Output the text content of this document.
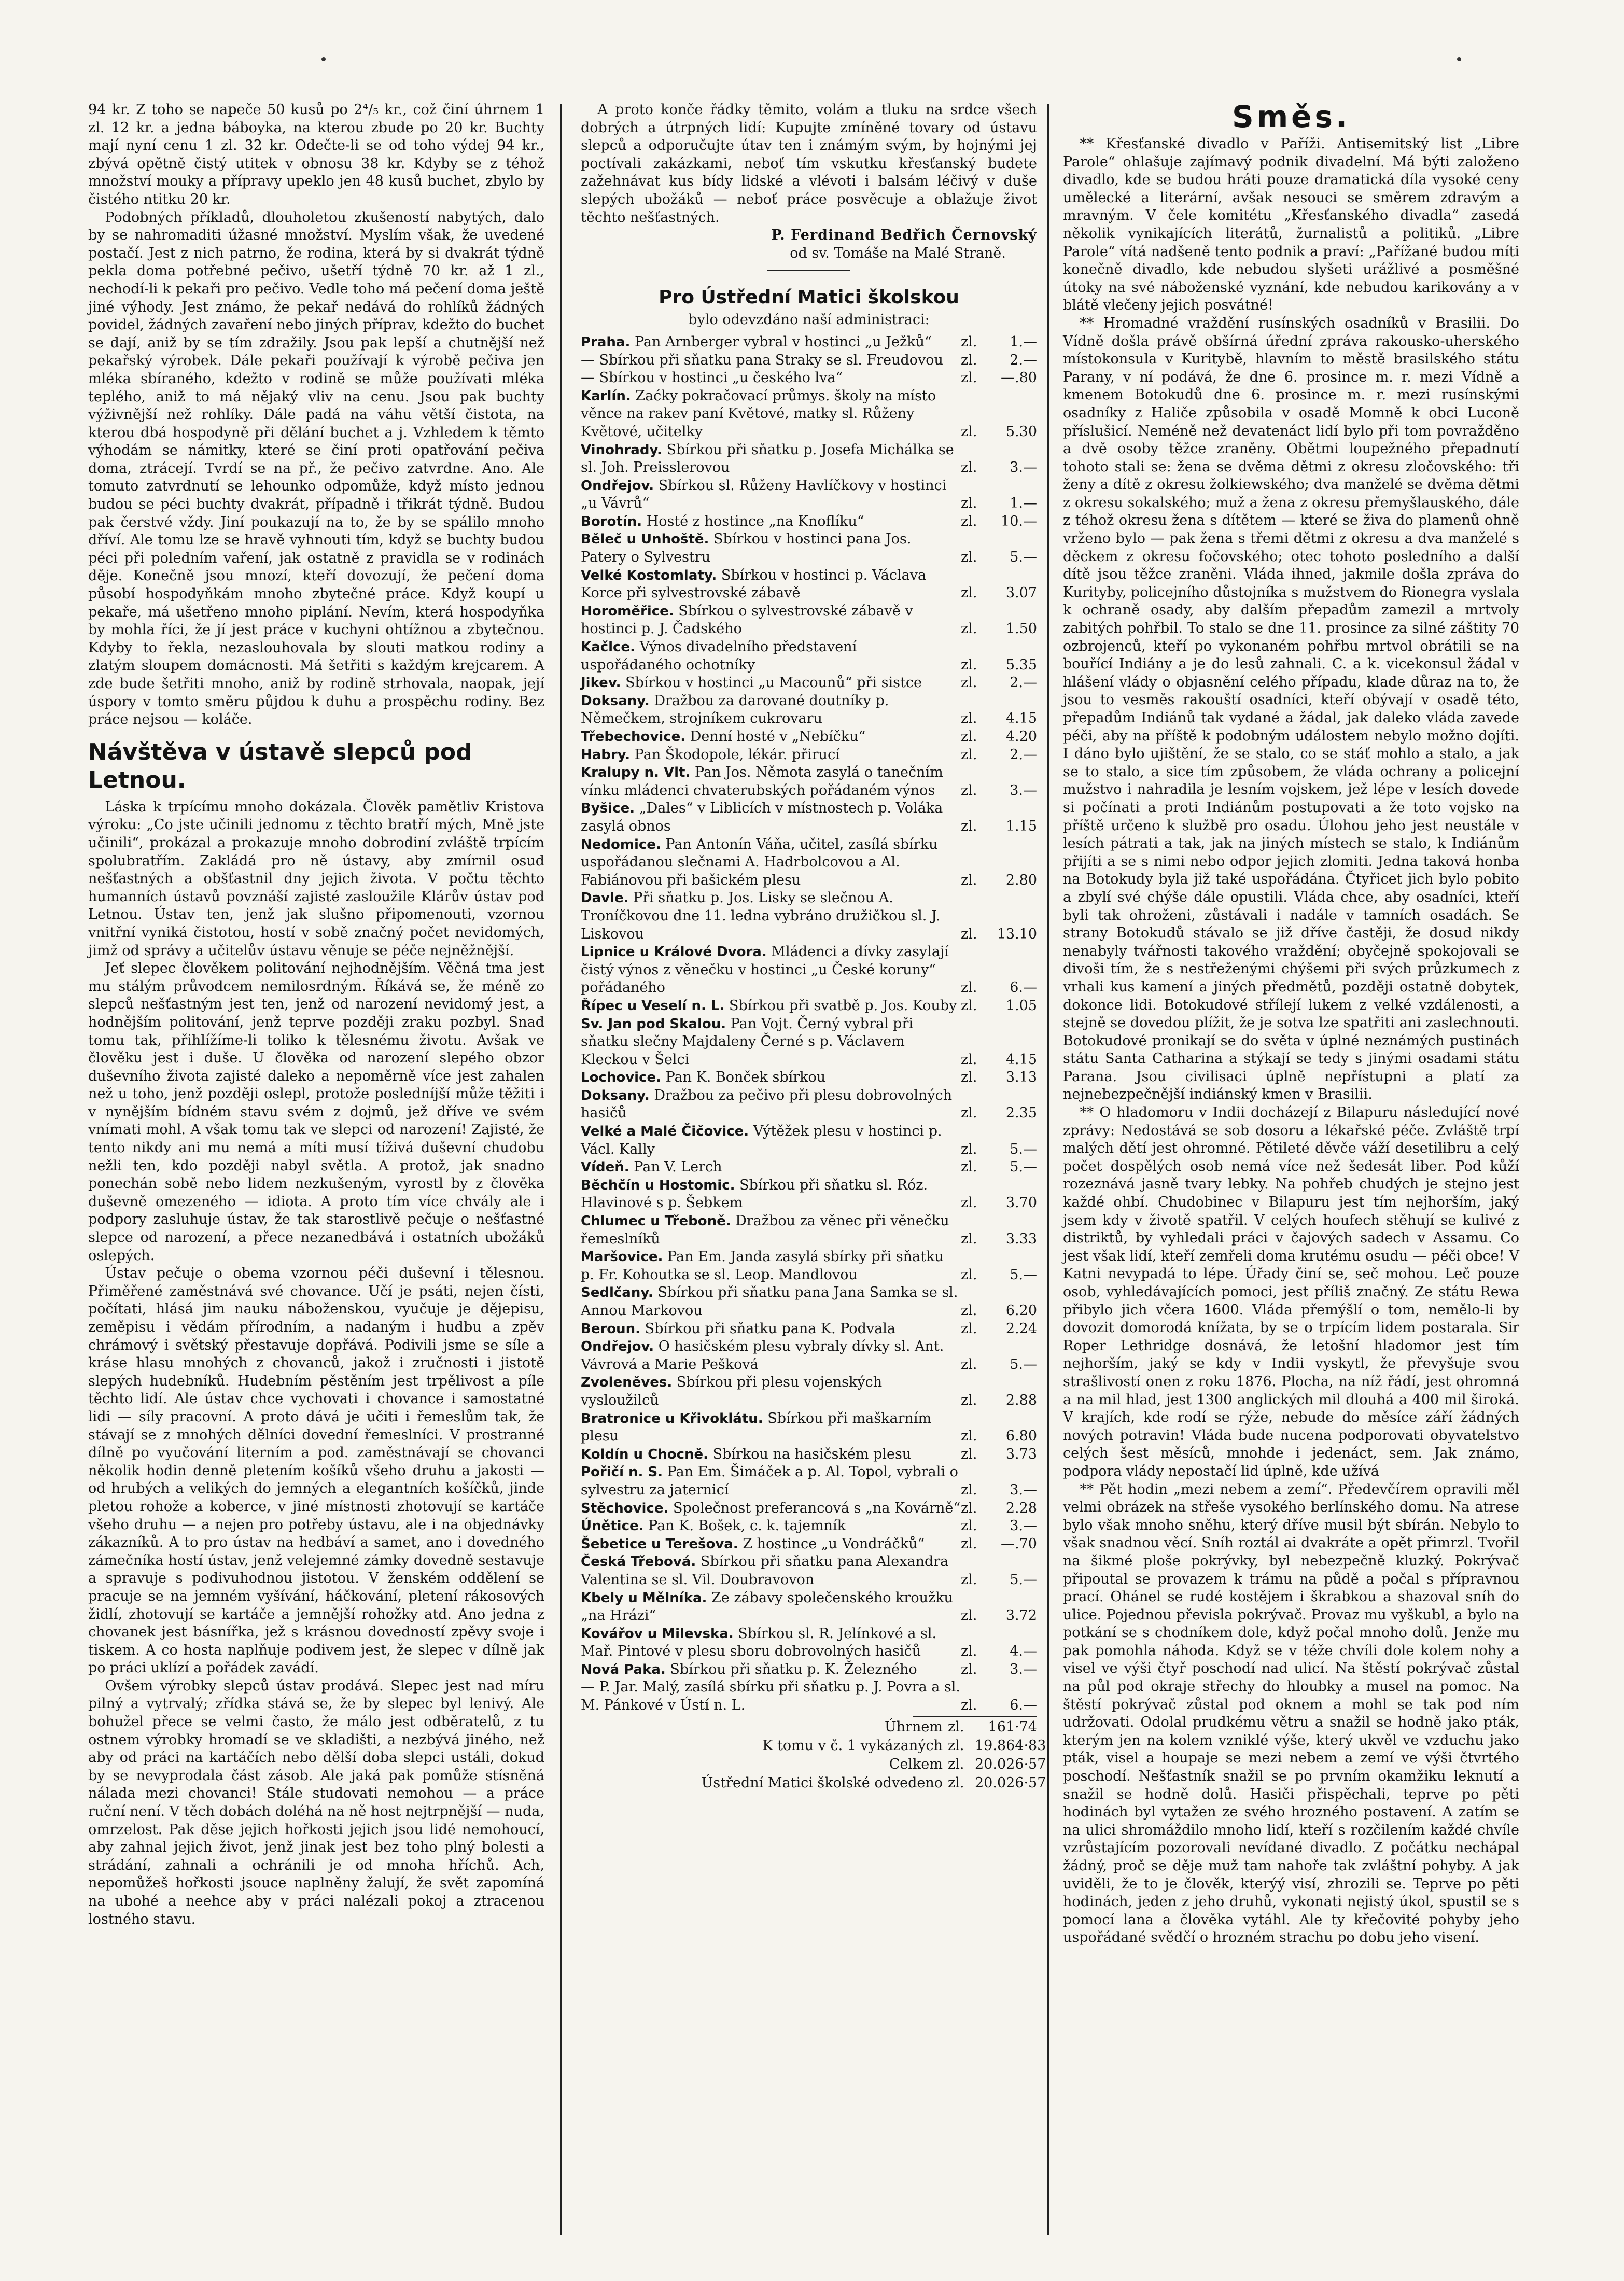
94 kr. Z toho se napeče 50 kusů po 2⁴/₅ kr., což činí úhrnem 1 zl. 12 kr. a jedna báboyka, na kterou zbude po 20 kr. Buchty mají nyní cenu 1 zl. 32 kr. Odečte-li se od toho výdej 94 kr., zbývá opětně čistý utitek v obnosu 38 kr. Kdyby se z téhož množství mouky a přípravy upeklo jen 48 kusů buchet, zbylo by čistého ntitku 20 kr.

Podobných příkladů, dlouholetou zkušeností nabytých, dalo by se nahromaditi úžasné množství. Myslím však, že uvedené postačí. Jest z nich patrno, že rodina, která by si dvakrát týdně pekla doma potřebné pečivo, ušetří týdně 70 kr. až 1 zl., nechodí-li k pekaři pro pečivo. Vedle toho má pečení doma ještě jiné výhody. Jest známo, že pekař nedává do rohlíků žádných povidel, žádných zavaření nebo jiných příprav, kdežto do buchet se dají, aniž by se tím zdražily. Jsou pak lepší a chutnější než pekařský výrobek. Dále pekaři používají k výrobě pečiva jen mléka sbíraného, kdežto v rodině se může používati mléka teplého, aniž to má nějaký vliv na cenu. Jsou pak buchty výživnější než rohlíky. Dále padá na váhu větší čistota, na kterou dbá hospodyně při dělání buchet a j. Vzhledem k těmto výhodám se námitky, které se činí proti opatřování pečiva doma, ztrácejí. Tvrdí se na př., že pečivo zatvrdne. Ano. Ale tomuto zatvrdnutí se lehounko odpomůže, když místo jednou budou se péci buchty dvakrát, případně i třikrát týdně. Budou pak čerstvé vždy. Jiní poukazují na to, že by se spálilo mnoho dříví. Ale tomu lze se hravě vyhnouti tím, když se buchty budou péci při poledním vaření, jak ostatně z pravidla se v rodinách děje. Konečně jsou mnozí, kteří dovozují, že pečení doma působí hospodyňkám mnoho zbytečné práce. Když koupí u pekaře, má ušetřeno mnoho piplání. Nevím, která hospodyňka by mohla říci, že jí jest práce v kuchyni ohtížnou a zbytečnou. Kdyby to řekla, nezaslouhovala by slouti matkou rodiny a zlatým sloupem domácnosti. Má šetřiti s každým krejcarem. A zde bude šetřiti mnoho, aniž by rodině strhovala, naopak, její úspory v tomto směru půjdou k duhu a prospěchu rodiny. Bez práce nejsou — koláče.

Návštěva v ústavě slepců pod Letnou.

Láska k trpícímu mnoho dokázala. Člověk pamětliv Kristova výroku: „Co jste učinili jednomu z těchto bratří mých, Mně jste učinili“, prokázal a prokazuje mnoho dobrodiní zvláště trpícím spolubratřím. Zakládá pro ně ústavy, aby zmírnil osud nešťastných a obšťastnil dny jejich života. V počtu těchto humanních ústavů povznáší zajisté zasloužile Klárův ústav pod Letnou. Ústav ten, jenž jak slušno připomenouti, vzornou vnitřní vyniká čistotou, hostí v sobě značný počet nevidomých, jimž od správy a učitelův ústavu věnuje se péče nejněžnější.

Jeť slepec člověkem politování nejhodnějším. Věčná tma jest mu stálým průvodcem nemilosrdným. Říkává se, že méně zo slepců nešťastným jest ten, jenž od narození nevidomý jest, a hodnějším politování, jenž teprve později zraku pozbyl. Snad tomu tak, přihlížíme-li toliko k tělesnému životu. Avšak ve člověku jest i duše. U člověka od narození slepého obzor duševního života zajisté daleko a nepoměrně více jest zahalen než u toho, jenž později oslepl, protože posledníjší může těžiti i v nynějším bídném stavu svém z dojmů, jež dříve ve svém vnímati mohl. A však tomu tak ve slepci od narození! Zajisté, že tento nikdy ani mu nemá a míti musí tíživá duševní chudobu nežli ten, kdo později nabyl světla. A protož, jak snadno ponechán sobě nebo lidem nezkušeným, vyrostl by z člověka duševně omezeného — idiota. A proto tím více chvály ale i podpory zasluhuje ústav, že tak starostlivě pečuje o nešťastné slepce od narození, a přece nezanedbává i ostatních ubožáků oslepých.

Ústav pečuje o obema vzornou péči duševní i tělesnou. Přiměřené zaměstnává své chovance. Učí je psáti, nejen čísti, počítati, hlásá jim nauku náboženskou, vyučuje je dějepisu, zeměpisu i vědám přírodním, a nadaným i hudbu a zpěv chrámový i světský přestavuje dopřává. Podivili jsme se síle a kráse hlasu mnohých z chovanců, jakož i zručnosti i jistotě slepých hudebníků. Hudebním pěstěním jest trpělivost a píle těchto lidí. Ale ústav chce vychovati i chovance i samostatné lidi — síly pracovní. A proto dává je učiti i řemeslům tak, že stávají se z mnohých dělníci dovední řemeslníci. V prostranné dílně po vyučování literním a pod. zaměstnávají se chovanci několik hodin denně pletením košíků všeho druhu a jakosti — od hrubých a velikých do jemných a elegantních košíčků, jinde pletou rohože a koberce, v jiné místnosti zhotovují se kartáče všeho druhu — a nejen pro potřeby ústavu, ale i na objednávky zákazníků. A to pro ústav na hedbáví a samet, ano i dovedného zámečníka hostí ústav, jenž velejemné zámky dovedně sestavuje a spravuje s podivuhodnou jistotou. V ženském oddělení se pracuje se na jemném vyšívání, háčkování, pletení rákosových židlí, zhotovují se kartáče a jemnější rohožky atd. Ano jedna z chovanek jest básnířka, jež s krásnou dovedností zpěvy svoje i tiskem. A co hosta naplňuje podivem jest, že slepec v dílně jak po práci uklízí a pořádek zavádí.

Ovšem výrobky slepců ústav prodává. Slepec jest nad míru pilný a vytrvalý; zřídka stává se, že by slepec byl lenivý. Ale bohužel přece se velmi často, že málo jest odběratelů, z tu ostnem výrobky hromadí se ve skladišti, a nezbývá jiného, než aby od práci na kartáčích nebo dělší doba slepci ustáli, dokud by se nevyprodala část zásob. Ale jaká pak pomůže stísněná nálada mezi chovanci! Stále studovati nemohou — a práce ruční není. V těch dobách doléhá na ně host nejtrpnější — nuda, omrzelost. Pak děse jejich hořkosti jejich jsou lidé nemohoucí, aby zahnal jejich život, jenž jinak jest bez toho plný bolesti a strádání, zahnali a ochránili je od mnoha hříchů. Ach, nepomůžeš hořkosti jsouce naplněny žalují, že svět zapomíná na ubohé a neehce aby v práci nalézali pokoj a ztracenou lostného stavu.

A proto konče řádky těmito, volám a tluku na srdce všech dobrých a útrpných lidí: Kupujte zmíněné tovary od ústavu slepců a odporučujte útav ten i známým svým, by hojnými jej poctívali zakázkami, neboť tím vskutku křesťanský budete zažehnávat kus bídy lidské a vlévoti i balsám léčivý v duše slepých ubožáků — neboť práce posvěcuje a oblažuje život těchto nešťastných.

P. Ferdinand Bedřich Černovský
od sv. Tomáše na Malé Straně.
Pro Ústřední Matici školskou
bylo odevzdáno naší administraci:
Praha. Pan Arnberger vybral v hostinci „u Ježků“	zl.	1.—
— Sbírkou při sňatku pana Straky se sl. Freudovou	zl.	2.—
— Sbírkou v hostinci „u českého lva“	zl.	—.80
Karlín. Zaćky pokračovací průmys. školy na místo věnce na rakev paní Květové, matky sl. Růženy Květové, učitelky	zl.	5.30
Vinohrady. Sbírkou při sňatku p. Josefa Michálka se sl. Joh. Preisslerovou	zl.	3.—
Ondřejov. Sbírkou sl. Růženy Havlíčkovy v hostinci „u Vávrů“	zl.	1.—
Borotín. Hosté z hostince „na Knoflíku“	zl.	10.—
Běleč u Unhoště. Sbírkou v hostinci pana Jos. Patery o Sylvestru	zl.	5.—
Velké Kostomlaty. Sbírkou v hostinci p. Václava Korce při sylvestrovské zábavě	zl.	3.07
Horoměřice. Sbírkou o sylvestrovské zábavě v hostinci p. J. Čadského	zl.	1.50
Kačlce. Výnos divadelního představení uspořádaného ochotníky	zl.	5.35
Jikev. Sbírkou v hostinci „u Macounů“ při sistce	zl.	2.—
Doksany. Dražbou za darované doutníky p. Němečkem, strojníkem cukrovaru	zl.	4.15
Třebechovice. Denní hosté v „Nebíčku“	zl.	4.20
Habry. Pan Škodopole, lékár. přirucí	zl.	2.—
Kralupy n. Vlt. Pan Jos. Němota zasylá o tanečním vínku mládenci chvaterubských pořádaném výnos	zl.	3.—
Byšice. „Dales“ v Liblicích v místnostech p. Voláka zasylá obnos	zl.	1.15
Nedomice. Pan Antonín Váňa, učitel, zasílá sbírku uspořádanou slečnami A. Hadrbolcovou a Al. Fabiánovou při bašickém plesu	zl.	2.80
Davle. Při sňatku p. Jos. Lisky se slečnou A. Troníčkovou dne 11. ledna vybráno družičkou sl. J. Liskovou	zl.	13.10
Lipnice u Králové Dvora. Mládenci a dívky zasylají čistý výnos z věnečku v hostinci „u České koruny“ pořádaného	zl.	6.—
Řípec u Veselí n. L. Sbírkou při svatbě p. Jos. Kouby zl.	1.05
Sv. Jan pod Skalou. Pan Vojt. Černý vybral při sňatku slečny Majdaleny Černé s p. Václavem Kleckou v Šelci	zl.	4.15
Lochovice. Pan K. Bonček sbírkou	zl.	3.13
Doksany. Dražbou za pečivo při plesu dobrovolných hasičů	zl.	2.35
Velké a Malé Čičovice. Výtěžek plesu v hostinci p. Václ. Kally	zl.	5.—
Vídeň. Pan V. Lerch	zl.	5.—
Běchčín u Hostomic. Sbírkou při sňatku sl. Róz. Hlavinové s p. Šebkem	zl.	3.70
Chlumec u Třeboně. Dražbou za věnec při věnečku řemeslníků	zl.	3.33
Maršovice. Pan Em. Janda zasylá sbírky při sňatku p. Fr. Kohoutka se sl. Leop. Mandlovou	zl.	5.—
Sedlčany. Sbírkou při sňatku pana Jana Samka se sl. Annou Markovou	zl.	6.20
Beroun. Sbírkou při sňatku pana K. Podvala	zl.	2.24
Ondřejov. O hasičském plesu vybraly dívky sl. Ant. Vávrová a Marie Pešková	zl.	5.—
Zvoleněves. Sbírkou při plesu vojenských vysloužilců	zl.	2.88
Bratronice u Křivoklátu. Sbírkou při maškarním plesu	zl.	6.80
Koldín u Chocně. Sbírkou na hasičském plesu	zl.	3.73
Pořičí n. S. Pan Em. Šimáček a p. Al. Topol, vybrali o sylvestru za jaternicí	zl.	3.—
Stěchovice. Společnost preferancová s „na Kovárně“ zl.	2.28
Únětice. Pan K. Bošek, c. k. tajemník	zl.	3.—
Šebetice u Terešova. Z hostince „u Vondráčků“	zl.	—.70
Česká Třebová. Sbírkou při sňatku pana Alexandra Valentina se sl. Vil. Doubravovon	zl.	5.—
Kbely u Mělníka. Ze zábavy společenského kroužku „na Hrázi“	zl.	3.72
Kovářov u Milevska. Sbírkou sl. R. Jelínkové a sl. Mař. Pintové v plesu sboru dobrovolných hasičů	zl.	4.—
Nová Paka. Sbírkou při sňatku p. K. Železného	zl.	3.—
— P. Jar. Malý, zasílá sbírku při sňatku p. J. Povra a sl. M. Pánkové v Ústí n. L.	zl.	6.—
Úhrnem zl.	161·74
K tomu v č. 1 vykázaných zl. 19.864·83
Celkem zl. 20.026·57
Ústřední Matici školské odvedeno zl. 20.026·57
Směs.

** Křesťanské divadlo v Paříži. Antisemitský list „Libre Parole“ ohlašuje zajímavý podnik divadelní. Má býti založeno divadlo, kde se budou hráti pouze dramatická díla vysoké ceny umělecké a literární, avšak nesouci se směrem zdravým a mravným. V čele komitétu „Křesťanského divadla“ zasedá několik vynikajících literátů, žurnalistů a politiků. „Libre Parole“ vítá nadšeně tento podnik a praví: „Pařížané budou míti konečně divadlo, kde nebudou slyšeti urážlivé a posměšné útoky na své náboženské vyznání, kde nebudou karikovány a v blátě vlečeny jejich posvátné!

** Hromadné vraždění rusínských osadníků v Brasilii. Do Vídně došla právě obšírná úřední zpráva rakousko-uherského místokonsula v Kuritybě, hlavním to městě brasilského státu Parany, v ní podává, že dne 6. prosince m. r. mezi Vídně a kmenem Botokudů dne 6. prosince m. r. mezi rusínskými osadníky z Haliče způsobila v osadě Momně k obci Luconě příslušicí. Neméně než devatenáct lidí bylo při tom povražděno a dvě osoby těžce zraněny. Obětmi loupežného přepadnutí tohoto stali se: žena se dvěma dětmi z okresu zločovského: tři ženy a dítě z okresu žolkiewského; dva manželé se dvěma dětmi z okresu sokalského; muž a žena z okresu přemyšlauského, dále z téhož okresu žena s dítětem — které se živa do plamenů ohně vrženo bylo — pak žena s třemi dětmi z okresu a dva manželé s děckem z okresu fočovského; otec tohoto posledního a další dítě jsou těžce zraněni. Vláda ihned, jakmile došla zpráva do Kurityby, policejního důstojníka s mužstvem do Rionegra vyslala k ochraně osady, aby dalším přepadům zamezil a mrtvoly zabitých pohřbil. To stalo se dne 11. prosince za silné záštity 70 ozbrojenců, kteří po vykonaném pohřbu mrtvol obrátili se na bouřící Indiány a je do lesů zahnali. C. a k. vicekonsul žádal v hlášení vlády o objasnění celého případu, klade důraz na to, že jsou to vesměs rakouští osadníci, kteří obývají v osadě této, přepadům Indiánů tak vydané a žádal, jak daleko vláda zavede péči, aby na příště k podobným událostem nebylo možno dojíti. I dáno bylo ujištění, že se stalo, co se stáť mohlo a stalo, a jak se to stalo, a sice tím způsobem, že vláda ochrany a policejní mužstvo i nahradila je lesním vojskem, jež lépe v lesích dovede si počínati a proti Indiánům postupovati a že toto vojsko na příště určeno k službě pro osadu. Úlohou jeho jest neustále v lesích pátrati a tak, jak na jiných místech se stalo, k Indiánům přijíti a se s nimi nebo odpor jejich zlomiti. Jedna taková honba na Botokudy byla již také uspořádána. Čtyřicet jich bylo pobito a zbylí své chýše dále opustili. Vláda chce, aby osadníci, kteří byli tak ohroženi, zůstávali i nadále v tamních osadách. Se strany Botokudů stávalo se již dříve častěji, že dosud nikdy nenabyly tvářnosti takového vraždění; obyčejně spokojovali se divoši tím, že s nestřeženými chýšemi při svých průzkumech z vrhali kus kamení a jiných předmětů, později ostatně dobytek, dokonce lidi. Botokudové střílejí lukem z velké vzdálenosti, a stejně se dovedou plížit, že je sotva lze spatřiti ani zaslechnouti. Botokudové pronikají se do světa v úplné neznámých pustinách státu Santa Catharina a stýkají se tedy s jinými osadami státu Parana. Jsou civilisaci úplně nepřístupni a platí za nejnebezpečnější indiánský kmen v Brasilii.

** O hladomoru v Indii docházejí z Bilapuru následující nové zprávy: Nedostává se sob dosoru a lékařské péče. Zvláště trpí malých dětí jest ohromné. Pětileté děvče váží desetilibru a celý počet dospělých osob nemá více než šedesát liber. Pod kůží rozeznává jasně tvary lebky. Na pohřeb chudých je stejno jest každé ohbí. Chudobinec v Bilapuru jest tím nejhorším, jaký jsem kdy v životě spatřil. V celých houfech stěhují se kulivé z distriktů, by vyhledali práci v čajových sadech v Assamu. Co jest však lidí, kteří zemřeli doma krutému osudu — péči obce! V Katni nevypadá to lépe. Úřady činí se, seč mohou. Leč pouze osob, vyhledávajících pomoci, jest příliš značný. Ze státu Rewa přibylo jich včera 1600. Vláda přemýšlí o tom, nemělo-li by dovozit domorodá knížata, by se o trpícím lidem postarala. Sir Roper Lethridge dosnává, že letošní hladomor jest tím nejhorším, jaký se kdy v Indii vyskytl, že převyšuje svou strašlivostí onen z roku 1876. Plocha, na níž řádí, jest ohromná a na mil hlad, jest 1300 anglických mil dlouhá a 400 mil široká. V krajích, kde rodí se rýže, nebude do měsíce září žádných nových potravin! Vláda bude nucena podporovati obyvatelstvo celých šest měsíců, mnohde i jedenáct, sem. Jak známo, podpora vlády nepostačí lid úplně, kde užívá

** Pět hodin „mezi nebem a zemí“. Předevčírem opravili měl velmi obrázek na střeše vysokého berlínského domu. Na atrese bylo však mnoho sněhu, který dříve musil být sbírán. Nebylo to však snadnou věcí. Sníh roztál ai dvakráte a opět přimrzl. Tvořil na šikmé ploše pokrývky, byl nebezpečně kluzký. Pokrývač připoutal se provazem k trámu na půdě a počal s přípravnou prací. Ohánel se rudé kostějem i škrabkou a shazoval sníh do ulice. Pojednou převisla pokrývač. Provaz mu vyškubl, a bylo na potkání se s chodníkem dole, když počal mnoho dolů. Jenže mu pak pomohla náhoda. Když se v téže chvíli dole kolem nohy a visel ve výši čtyř poschodí nad ulicí. Na štěstí pokrývač zůstal na půl pod okraje střechy do hloubky a musel na pomoc. Na štěstí pokrývač zůstal pod oknem a mohl se tak pod ním udržovati. Odolal prudkému větru a snažil se hodně jako pták, kterým jen na kolem vzniklé výše, který ukvěl ve vzduchu jako pták, visel a houpaje se mezi nebem a zemí ve výši čtvrtého poschodí. Nešťastník snažil se po prvním okamžiku leknutí a snažil se hodně dolů. Hasiči přispěchali, teprve po pěti hodinách byl vytažen ze svého hrozného postavení. A zatím se na ulici shromáždilo mnoho lidí, kteří s rozčilením každé chvíle vzrůstajícím pozorovali nevídané divadlo. Z počátku nechápal žádný, proč se děje muž tam nahoře tak zvláštní pohyby. A jak uviděli, že to je člověk, kterýý visí, zhrozili se. Teprve po pěti hodinách, jeden z jeho druhů, vykonati nejistý úkol, spustil se s pomocí lana a člověka vytáhl. Ale ty křečovité pohyby jeho uspořádané svědčí o hrozném strachu po dobu jeho visení.
